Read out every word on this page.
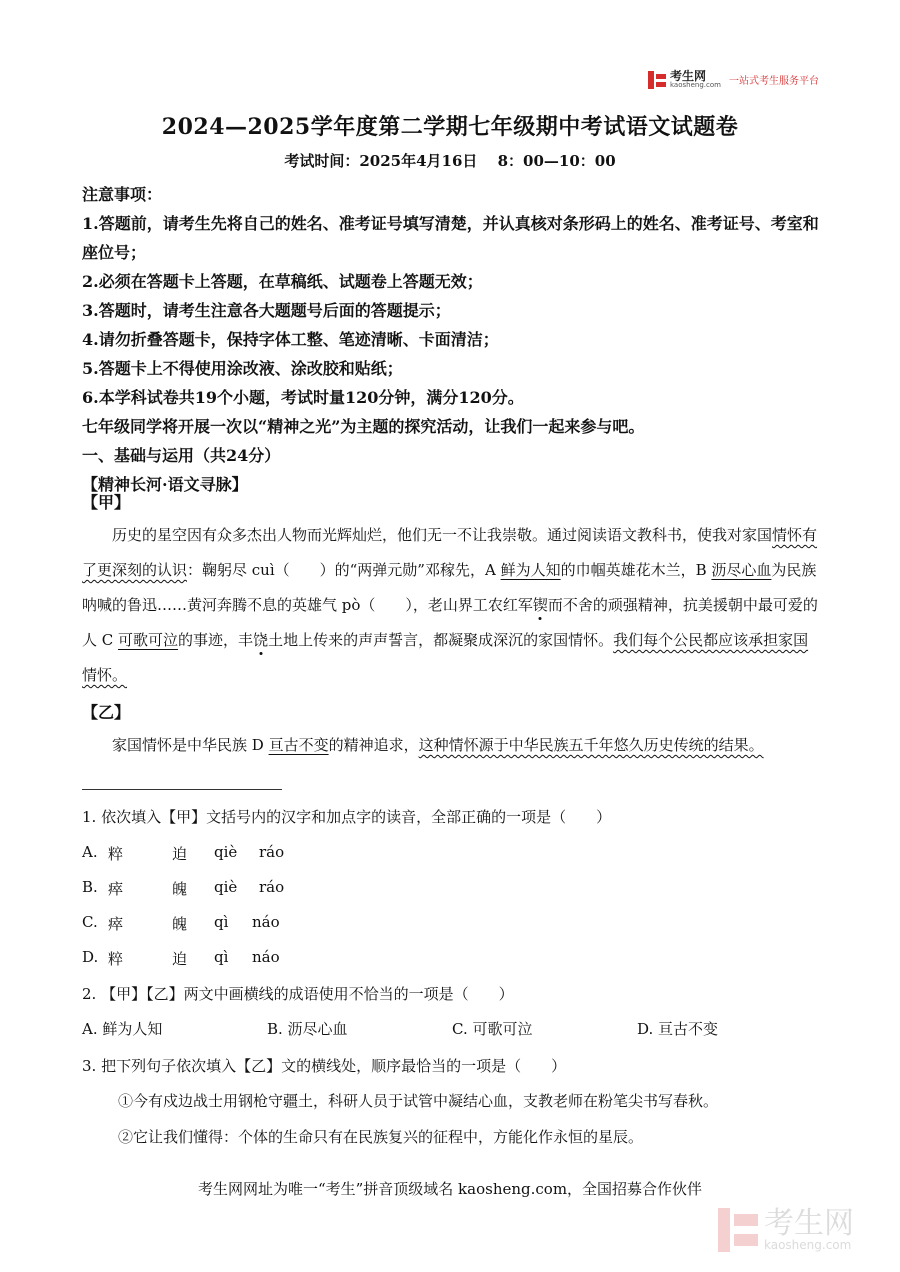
考生网
kaosheng.com 一站式考生服务平台
2024—2025学年度第二学期七年级期中考试语文试题卷
考试时间：2025年4月16日　 8：00—10：00
注意事项：
1.答题前，请考生先将自己的姓名、准考证号填写清楚，并认真核对条形码上的姓名、准考证号、考室和座位号；
2.必须在答题卡上答题，在草稿纸、试题卷上答题无效；
3.答题时，请考生注意各大题题号后面的答题提示；
4.请勿折叠答题卡，保持字体工整、笔迹清晰、卡面清洁；
5.答题卡上不得使用涂改液、涂改胶和贴纸；
6.本学科试卷共19个小题，考试时量120分钟，满分120分。
七年级同学将开展一次以“精神之光”为主题的探究活动，让我们一起来参与吧。
一、基础与运用（共24分）
【精神长河·语文寻脉】
【甲】
历史的星空因有众多杰出人物而光辉灿烂，他们无一不让我崇敬。通过阅读语文教科书，使我对家国情怀有了更深刻的认识：鞠躬尽 cuì（　　）的“两弹元勋”邓稼先，A 鲜为人知的巾帼英雄花木兰，B 沥尽心血为民族呐喊的鲁迅……黄河奔腾不息的英雄气 pò（　　），老山界工农红军锲而不舍的顽强精神，抗美援朝中最可爱的人 C 可歌可泣的事迹，丰饶土地上传来的声声誓言，都凝聚成深沉的家国情怀。我们每个公民都应该承担家国情怀。
【乙】
家国情怀是中华民族 D 亘古不变的精神追求，这种情怀源于中华民族五千年悠久历史传统的结果。
1. 依次填入【甲】文括号内的汉字和加点字的读音，全部正确的一项是（　　）
A. 粹	迫	qiè	ráo
B. 瘁	魄	qiè	ráo
C. 瘁	魄	qì	náo
D. 粹	迫	qì	náo
2. 【甲】【乙】两文中画横线的成语使用不恰当的一项是（　　）
A. 鲜为人知	B. 沥尽心血	C. 可歌可泣	D. 亘古不变
3. 把下列句子依次填入【乙】文的横线处，顺序最恰当的一项是（　　）
①今有戍边战士用钢枪守疆土，科研人员于试管中凝结心血，支教老师在粉笔尖书写春秋。
②它让我们懂得：个体的生命只有在民族复兴的征程中，方能化作永恒的星辰。
考生网网址为唯一“考生”拼音顶级域名 kaosheng.com，全国招募合作伙伴
考生网
kaosheng.com
